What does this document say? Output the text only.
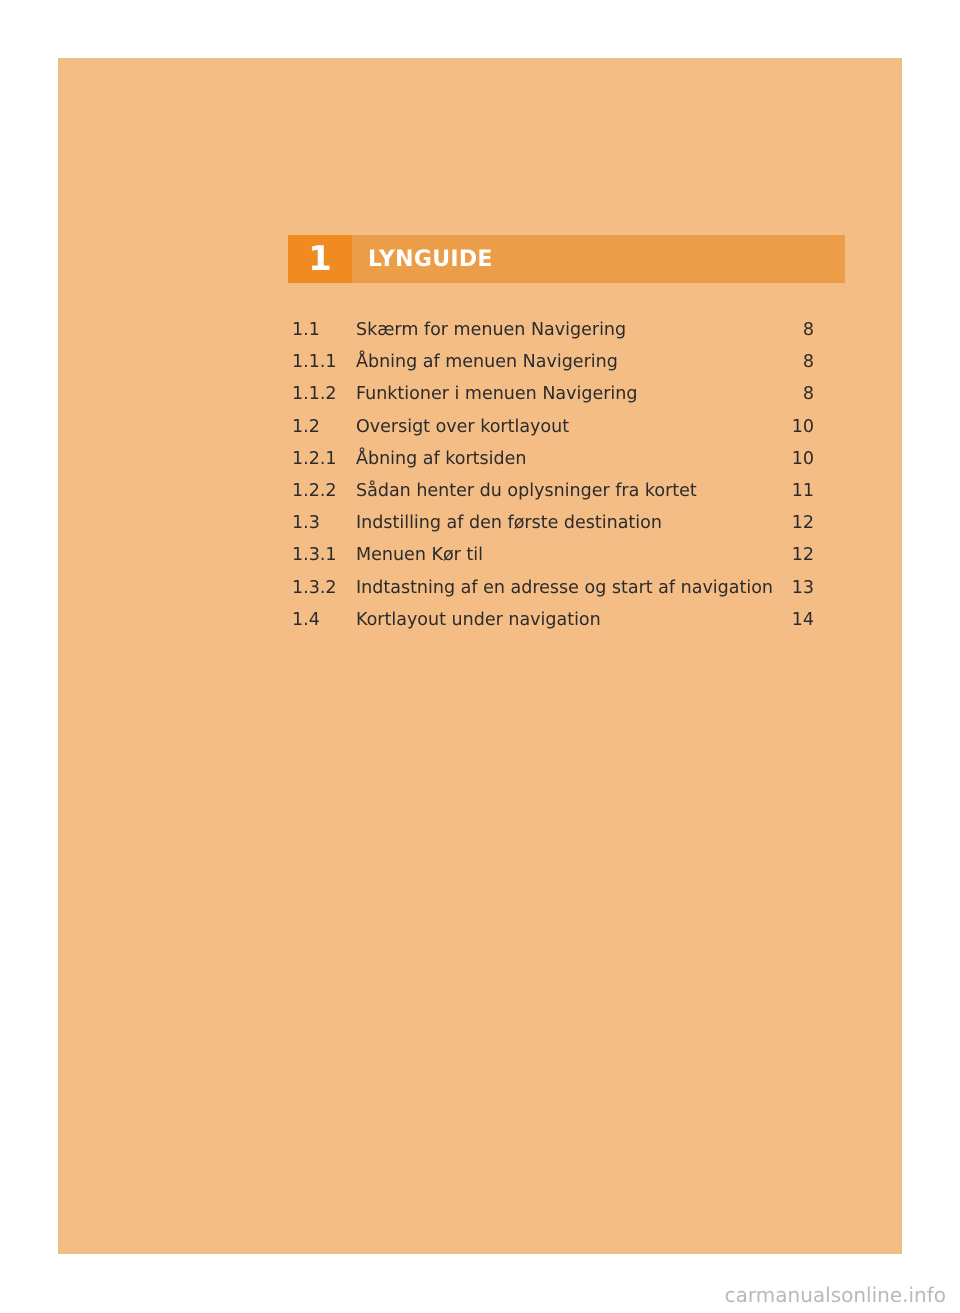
1	LYNGUIDE
1.1	Skærm for menuen Navigering	8
1.1.1	Åbning af menuen Navigering	8
1.1.2	Funktioner i menuen Navigering	8
1.2	Oversigt over kortlayout	10
1.2.1	Åbning af kortsiden	10
1.2.2	Sådan henter du oplysninger fra kortet	11
1.3	Indstilling af den første destination	12
1.3.1	Menuen Kør til	12
1.3.2	Indtastning af en adresse og start af navigation	13
1.4	Kortlayout under navigation	14
carmanualsonline.info
